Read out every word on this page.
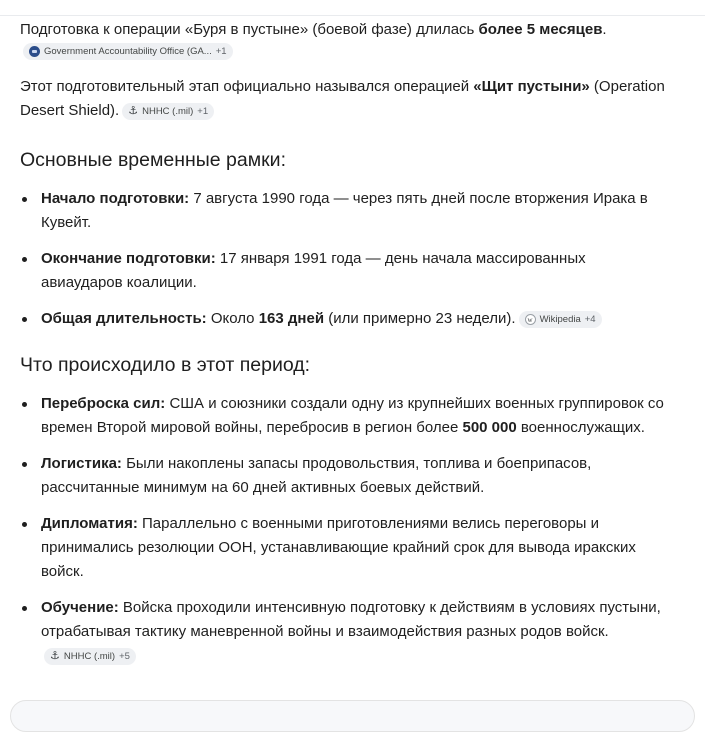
Подготовка к операции «Буря в пустыне» (боевой фазе) длилась более 5 месяцев.
Government Accountability Office (GA... +1

Этот подготовительный этап официально назывался операцией «Щит пустыни» (Operation Desert Shield). ⚓ NHHC (.mil) +1

Основные временные рамки:
Начало подготовки: 7 августа 1990 года — через пять дней после вторжения Ирака в Кувейт.
Окончание подготовки: 17 января 1991 года — день начала массированных авиаударов коалиции.
Общая длительность: Около 163 дней (или примерно 23 недели).	w Wikipedia +4
Что происходило в этот период:
Переброска сил: США и союзники создали одну из крупнейших военных группировок со времен Второй мировой войны, перебросив в регион более 500 000 военнослужащих.
Логистика: Были накоплены запасы продовольствия, топлива и боеприпасов, рассчитанные минимум на 60 дней активных боевых действий.
Дипломатия: Параллельно с военными приготовлениями велись переговоры и принимались резолюции ООН, устанавливающие крайний срок для вывода иракских войск.
Обучение: Войска проходили интенсивную подготовку к действиям в условиях пустыни, отрабатывая тактику маневренной войны и взаимодействия разных родов войск.
⚓ NHHC (.mil) +5
